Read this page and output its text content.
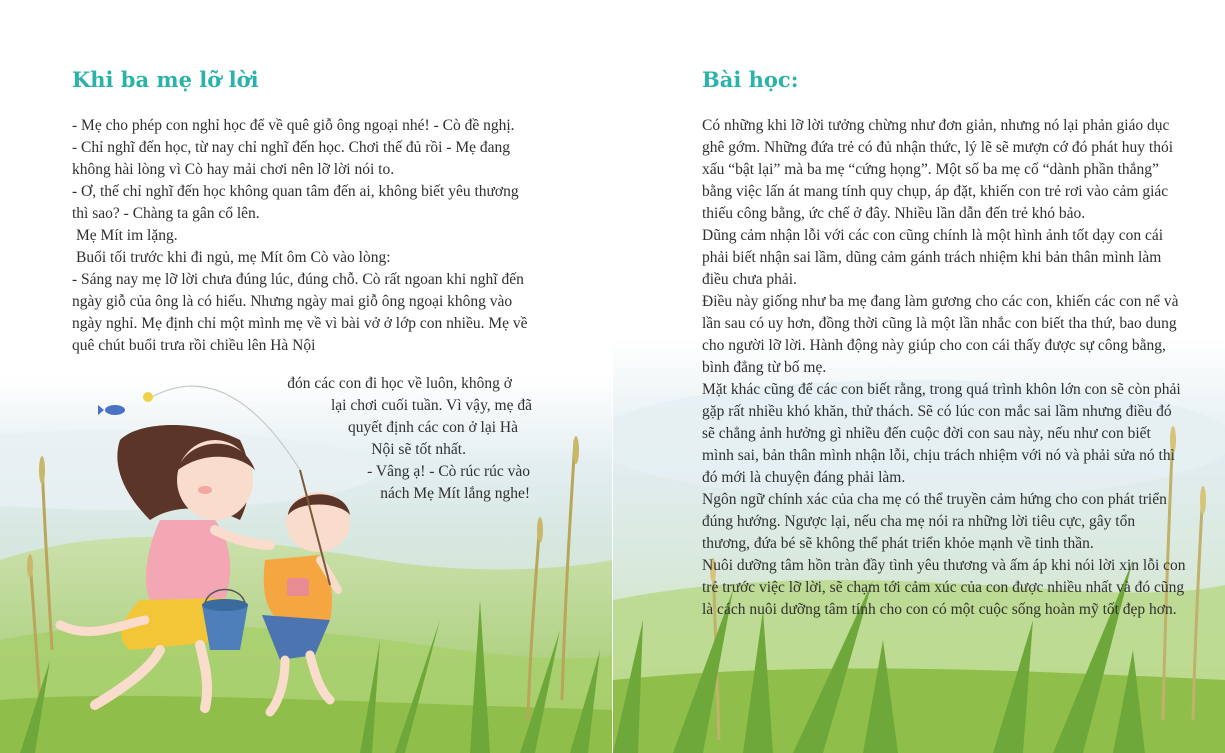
Khi ba mẹ lỡ lời

- Mẹ cho phép con nghỉ học để về quê giỗ ông ngoại nhé! - Cò đề nghị.

- Chỉ nghĩ đến học, từ nay chỉ nghĩ đến học. Chơi thế đủ rồi - Mẹ đang không hài lòng vì Cò hay mải chơi nên lỡ lời nói to.

- Ơ, thế chỉ nghĩ đến học không quan tâm đến ai, không biết yêu thương thì sao? - Chàng ta gân cổ lên.

Mẹ Mít im lặng.

Buổi tối trước khi đi ngủ, mẹ Mít ôm Cò vào lòng:

- Sáng nay mẹ lỡ lời chưa đúng lúc, đúng chỗ. Cò rất ngoan khi nghĩ đến ngày giỗ của ông là có hiếu. Nhưng ngày mai giỗ ông ngoại không vào ngày nghỉ. Mẹ định chỉ một mình mẹ về vì bài vở ở lớp con nhiều. Mẹ về quê chút buổi trưa rồi chiều lên Hà Nội

đón các con đi học về luôn, không ở
lại chơi cuối tuần. Vì vậy, mẹ đã
quyết định các con ở lại Hà
Nội sẽ tốt nhất.
- Vâng ạ! - Cò rúc rúc vào
nách Mẹ Mít lắng nghe!
Bài học:

Có những khi lỡ lời tưởng chừng như đơn giản, nhưng nó lại phản giáo dục ghê gớm. Những đứa trẻ có đủ nhận thức, lý lẽ sẽ mượn cớ đó phát huy thói xấu “bật lại” mà ba mẹ “cứng họng”. Một số ba mẹ cố “dành phần thắng” bằng việc lấn át mang tính quy chụp, áp đặt, khiến con trẻ rơi vào cảm giác thiếu công bằng, ức chế ở đây. Nhiều lần dẫn đến trẻ khó bảo.

Dũng cảm nhận lỗi với các con cũng chính là một hình ảnh tốt dạy con cái phải biết nhận sai lầm, dũng cảm gánh trách nhiệm khi bản thân mình làm điều chưa phải.

Điều này giống như ba mẹ đang làm gương cho các con, khiến các con nể và lần sau có uy hơn, đồng thời cũng là một lần nhắc con biết tha thứ, bao dung cho người lỡ lời. Hành động này giúp cho con cái thấy được sự công bằng, bình đẳng từ bố mẹ.

Mặt khác cũng để các con biết rằng, trong quá trình khôn lớn con sẽ còn phải gặp rất nhiều khó khăn, thử thách. Sẽ có lúc con mắc sai lầm nhưng điều đó sẽ chẳng ảnh hưởng gì nhiều đến cuộc đời con sau này, nếu như con biết mình sai, bản thân mình nhận lỗi, chịu trách nhiệm với nó và phải sửa nó thì đó mới là chuyện đáng phải làm.

Ngôn ngữ chính xác của cha mẹ có thể truyền cảm hứng cho con phát triển đúng hướng. Ngược lại, nếu cha mẹ nói ra những lời tiêu cực, gây tổn thương, đứa bé sẽ không thể phát triển khỏe mạnh về tinh thần.

Nuôi dưỡng tâm hồn tràn đầy tình yêu thương và ấm áp khi nói lời xin lỗi con trẻ trước việc lỡ lời, sẽ chạm tới cảm xúc của con được nhiều nhất và đó cũng là cách nuôi dưỡng tâm tính cho con có một cuộc sống hoàn mỹ tốt đẹp hơn.
